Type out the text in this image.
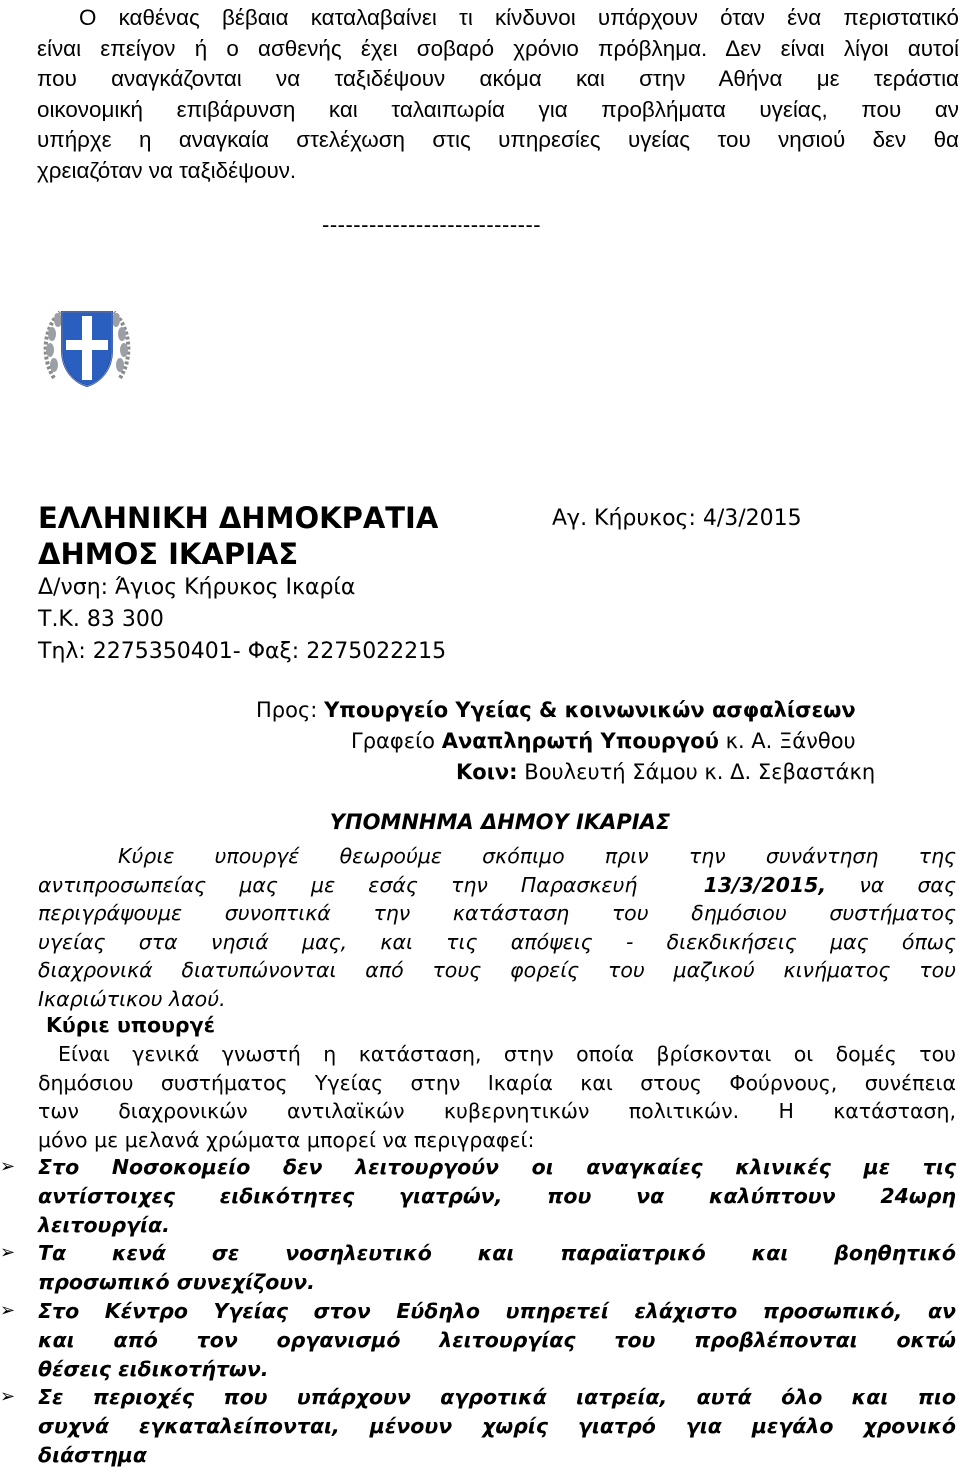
Ο καθένας βέβαια καταλαβαίνει τι κίνδυνοι υπάρχουν όταν ένα περιστατικό
είναι επείγον ή ο ασθενής έχει σοβαρό χρόνιο πρόβλημα. Δεν είναι λίγοι αυτοί
που αναγκάζονται να ταξιδέψουν ακόμα και στην Αθήνα με τεράστια
οικονομική επιβάρυνση και ταλαιπωρία για προβλήματα υγείας, που αν
υπήρχε η αναγκαία στελέχωση στις υπηρεσίες υγείας του νησιού δεν θα
χρειαζόταν να ταξιδέψουν.
----------------------------
ΕΛΛΗΝΙΚΗ ΔΗΜΟΚΡΑΤΙΑ
ΔΗΜΟΣ ΙΚΑΡΙΑΣ
Δ/νση: Άγιος Κήρυκος Ικαρία
Τ.Κ. 83 300
Τηλ: 2275350401- Φαξ: 2275022215
Αγ. Κήρυκος: 4/3/2015
Προς: Υπουργείο Υγείας & κοινωνικών ασφαλίσεων
Γραφείο Αναπληρωτή Υπουργού κ. Α. Ξάνθου
Κοιν: Βουλευτή Σάμου κ. Δ. Σεβαστάκη
ΥΠΟΜΝΗΜΑ ΔΗΜΟΥ ΙΚΑΡΙΑΣ
Κύριε υπουργέ θεωρούμε σκόπιμο πριν την συνάντηση της
αντιπροσωπείας μας με εσάς την Παρασκευή	13/3/2015, να σας
περιγράψουμε συνοπτικά την κατάσταση του δημόσιου συστήματος
υγείας στα νησιά μας, και τις απόψεις - διεκδικήσεις μας όπως
διαχρονικά διατυπώνονται από τους φορείς του μαζικού κινήματος του
Ικαριώτικου λαού.
Κύριε υπουργέ
Είναι γενικά γνωστή η κατάσταση, στην οποία βρίσκονται οι δομές του
δημόσιου συστήματος Υγείας στην Ικαρία και στους Φούρνους, συνέπεια
των διαχρονικών αντιλαϊκών κυβερνητικών πολιτικών. Η κατάσταση,
μόνο με μελανά χρώματα μπορεί να περιγραφεί:
➢ Στο Νοσοκομείο δεν λειτουργούν οι αναγκαίες κλινικές με τις
αντίστοιχες ειδικότητες γιατρών, που να καλύπτουν 24ωρη
λειτουργία.
➢ Τα κενά σε νοσηλευτικό και παραϊατρικό και βοηθητικό
προσωπικό συνεχίζουν.
➢ Στο Κέντρο Υγείας στον Εύδηλο υπηρετεί ελάχιστο προσωπικό, αν
και από τον οργανισμό λειτουργίας του προβλέπονται οκτώ
θέσεις ειδικοτήτων.
➢ Σε περιοχές που υπάρχουν αγροτικά ιατρεία, αυτά όλο και πιο
συχνά εγκαταλείπονται, μένουν χωρίς γιατρό για μεγάλο χρονικό
διάστημα
